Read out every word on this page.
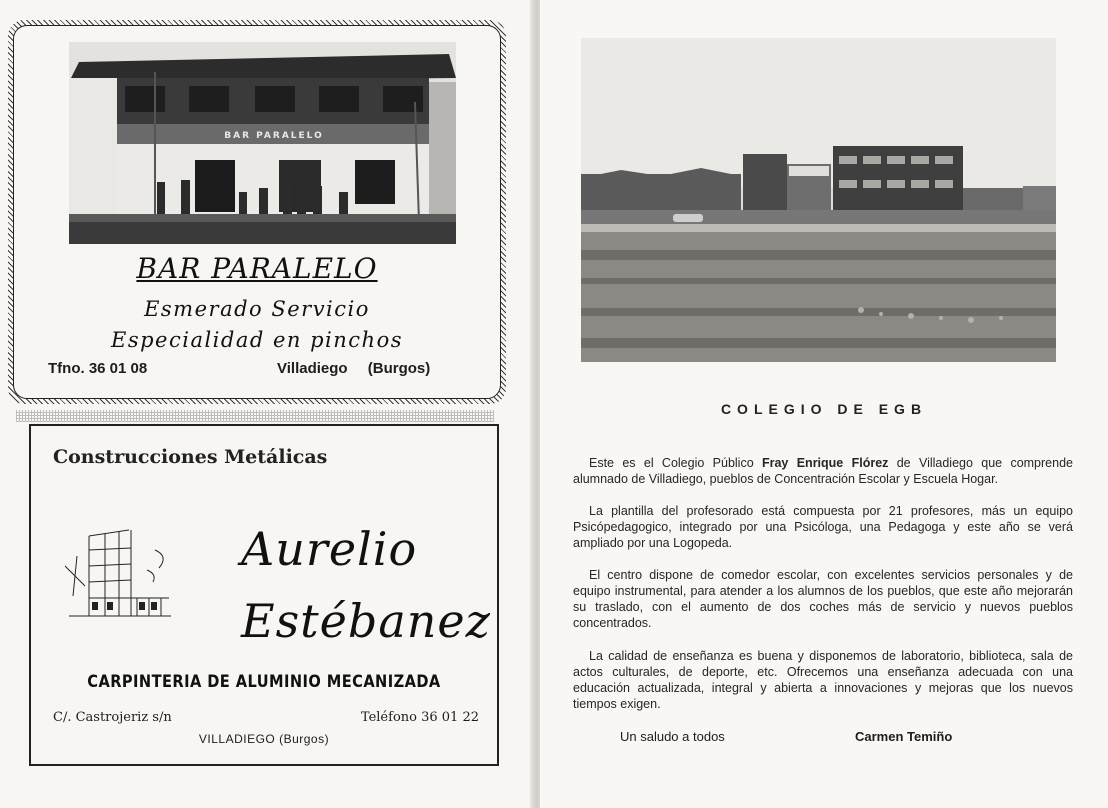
BAR PARALELO
BAR PARALELO
Esmerado Servicio
Especialidad en pinchos
Tfno. 36 01 08	Villadiego (Burgos)
Construcciones Metálicas
Aurelio
Estébanez
CARPINTERIA DE ALUMINIO MECANIZADA
C/. Castrojeriz s/n	Teléfono 36 01 22
VILLADIEGO (Burgos)
COLEGIO DE EGB

Este es el Colegio Público Fray Enrique Flórez de Villadiego que comprende alumnado de Villadiego, pueblos de Concentración Escolar y Escuela Hogar.

La plantilla del profesorado está compuesta por 21 profesores, más un equipo Psicópedagogico, integrado por una Psicóloga, una Pedagoga y este año se verá ampliado por una Logopeda.

El centro dispone de comedor escolar, con excelentes servicios personales y de equipo instrumental, para atender a los alumnos de los pueblos, que este año mejorarán su traslado, con el aumento de dos coches más de servicio y nuevos pueblos concentrados.

La calidad de enseñanza es buena y disponemos de laboratorio, biblioteca, sala de actos culturales, de deporte, etc. Ofrecemos una enseñanza adecuada con una educación actualizada, integral y abierta a innovaciones y mejoras que los nuevos tiempos exigen.

Un saludo a todos	Carmen Temiño
